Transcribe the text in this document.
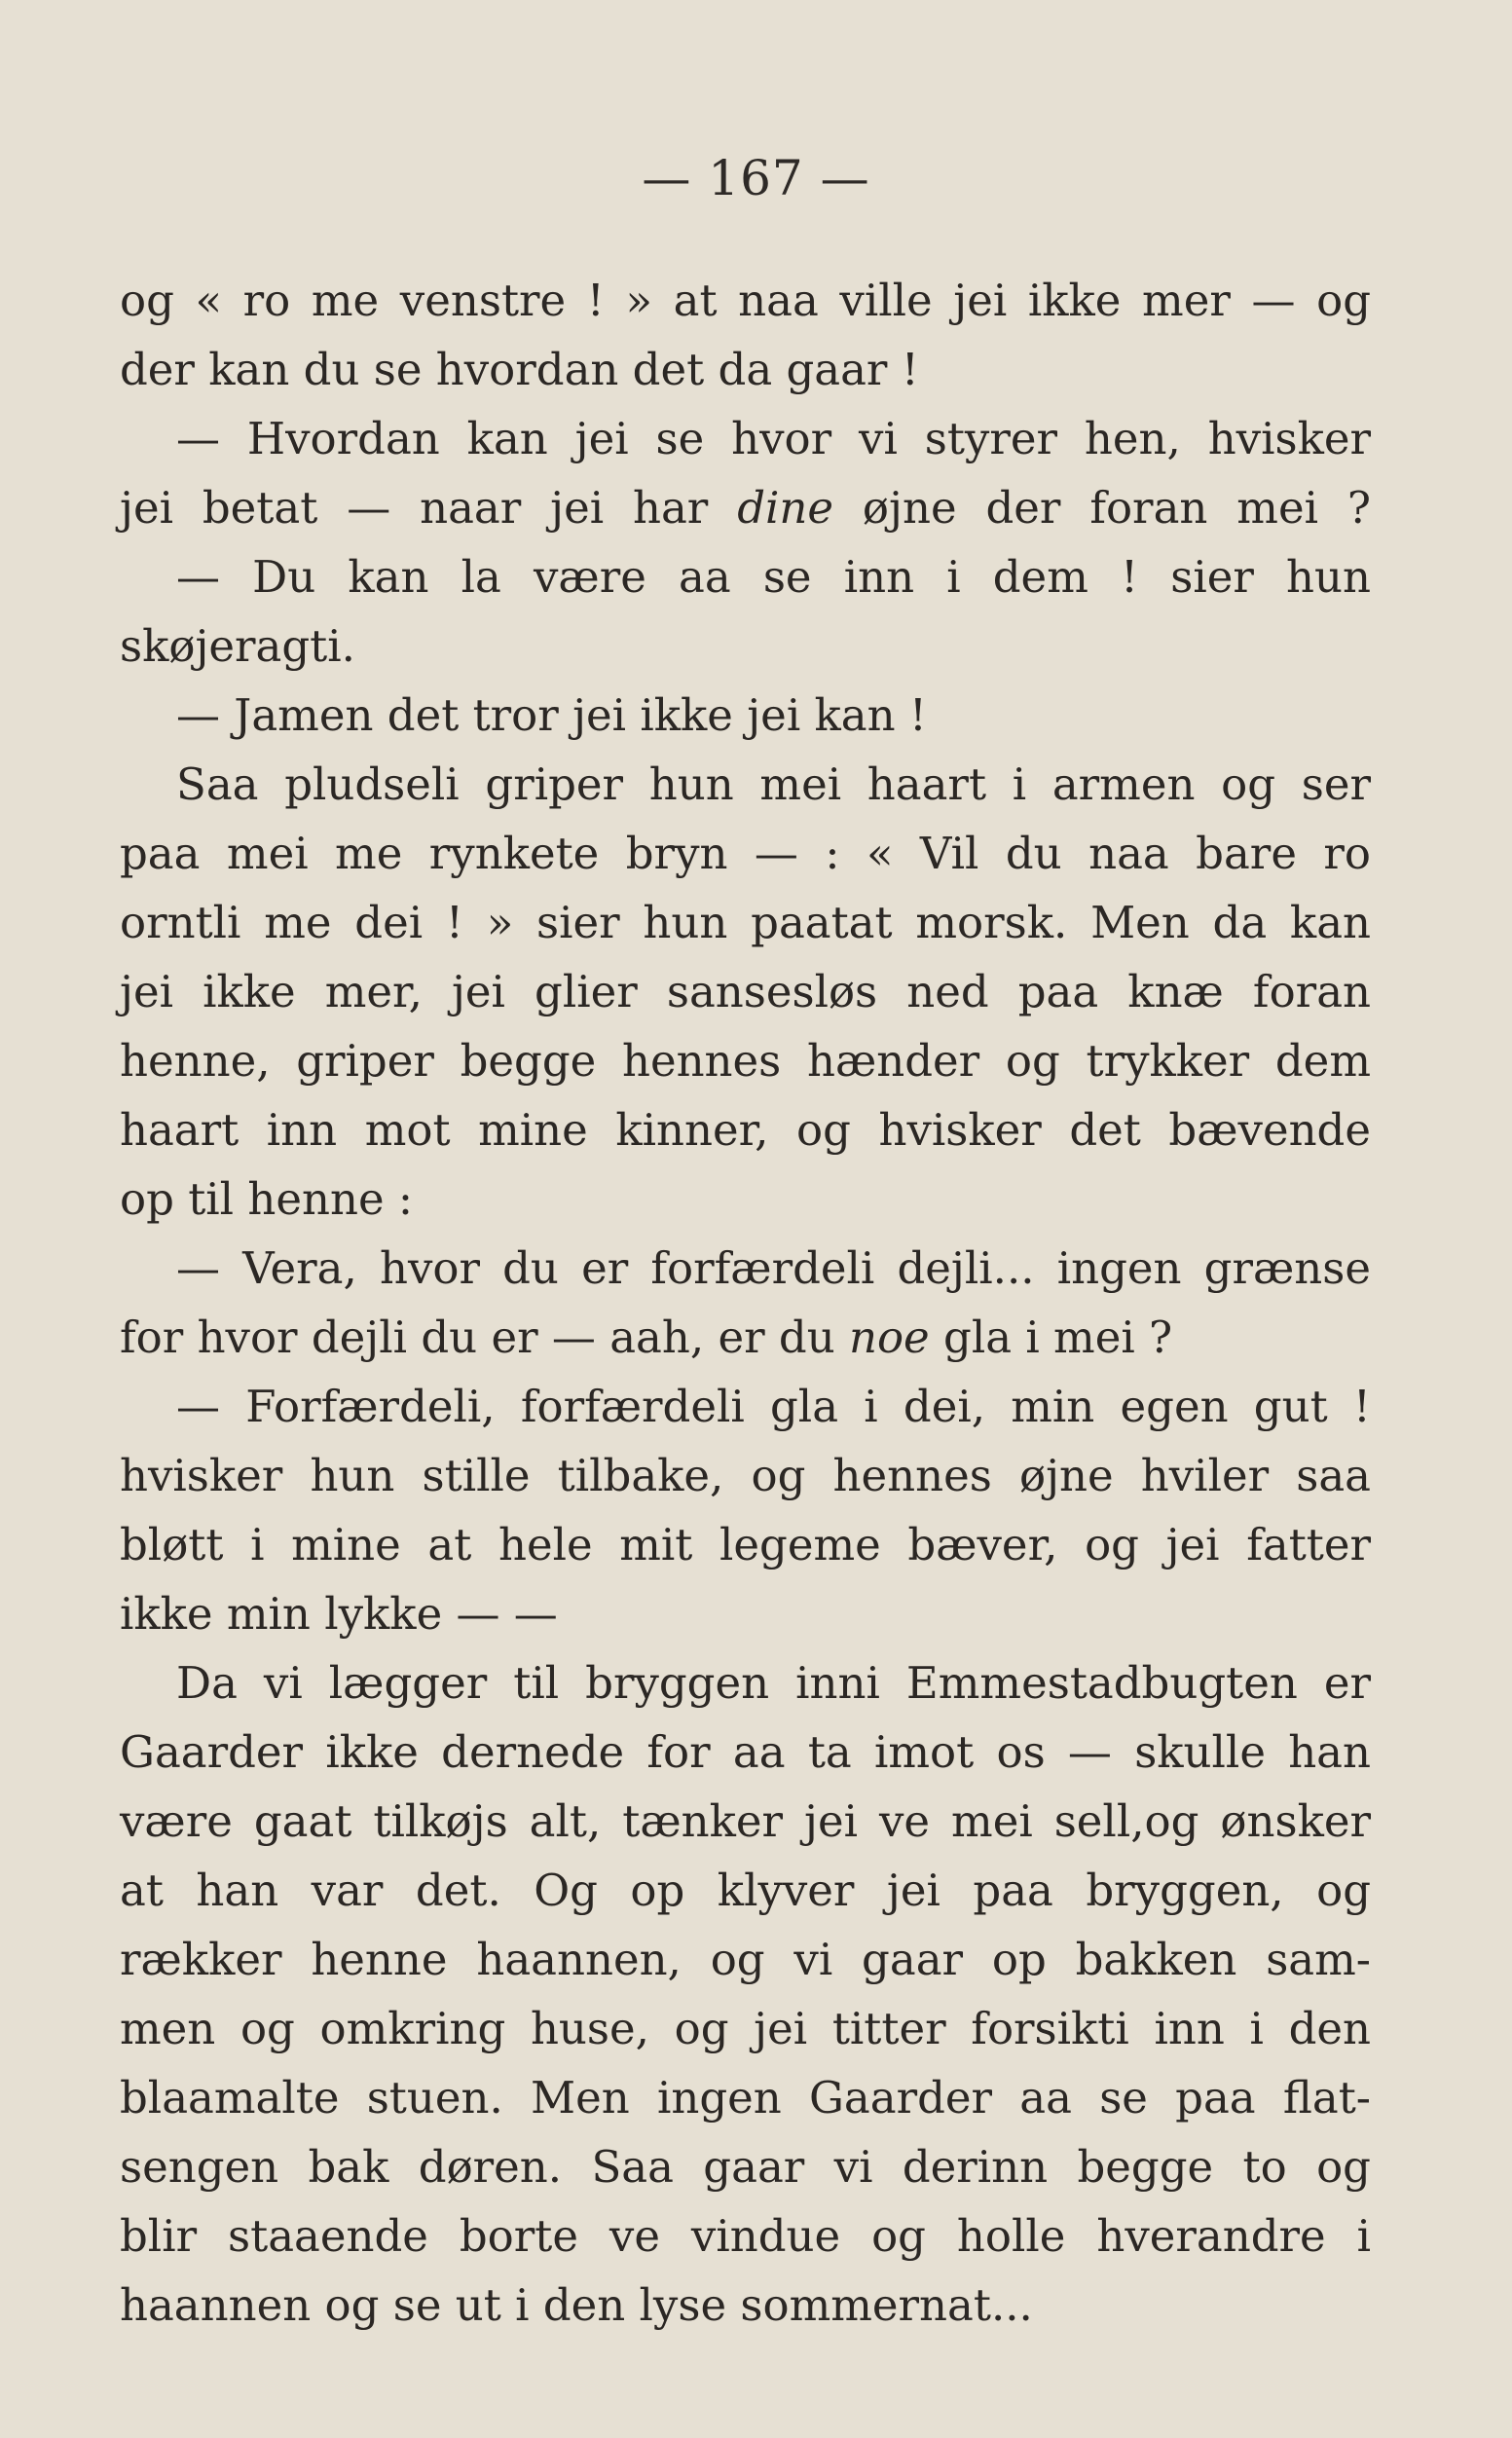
— 167 —
og « ro me venstre ! » at naa ville jei ikke mer — og
der kan du se hvordan det da gaar !
— Hvordan kan jei se hvor vi styrer hen, hvisker
jei betat — naar jei har dine øjne der foran mei ?
— Du kan la være aa se inn i dem ! sier hun
skøjeragti.
— Jamen det tror jei ikke jei kan !
Saa pludseli griper hun mei haart i armen og ser
paa mei me rynkete bryn — : « Vil du naa bare ro
orntli me dei ! » sier hun paatat morsk. Men da kan
jei ikke mer, jei glier sansesløs ned paa knæ foran
henne, griper begge hennes hænder og trykker dem
haart inn mot mine kinner, og hvisker det bævende
op til henne :
— Vera, hvor du er forfærdeli dejli... ingen grænse
for hvor dejli du er — aah, er du noe gla i mei ?
— Forfærdeli, forfærdeli gla i dei, min egen gut !
hvisker hun stille tilbake, og hennes øjne hviler saa
bløtt i mine at hele mit legeme bæver, og jei fatter
ikke min lykke — —
Da vi lægger til bryggen inni Emmestadbugten er
Gaarder ikke dernede for aa ta imot os — skulle han
være gaat tilkøjs alt, tænker jei ve mei sell,og ønsker
at han var det. Og op klyver jei paa bryggen, og
rækker henne haannen, og vi gaar op bakken sam-
men og omkring huse, og jei titter forsikti inn i den
blaamalte stuen. Men ingen Gaarder aa se paa flat-
sengen bak døren. Saa gaar vi derinn begge to og
blir staaende borte ve vindue og holle hverandre i
haannen og se ut i den lyse sommernat...
